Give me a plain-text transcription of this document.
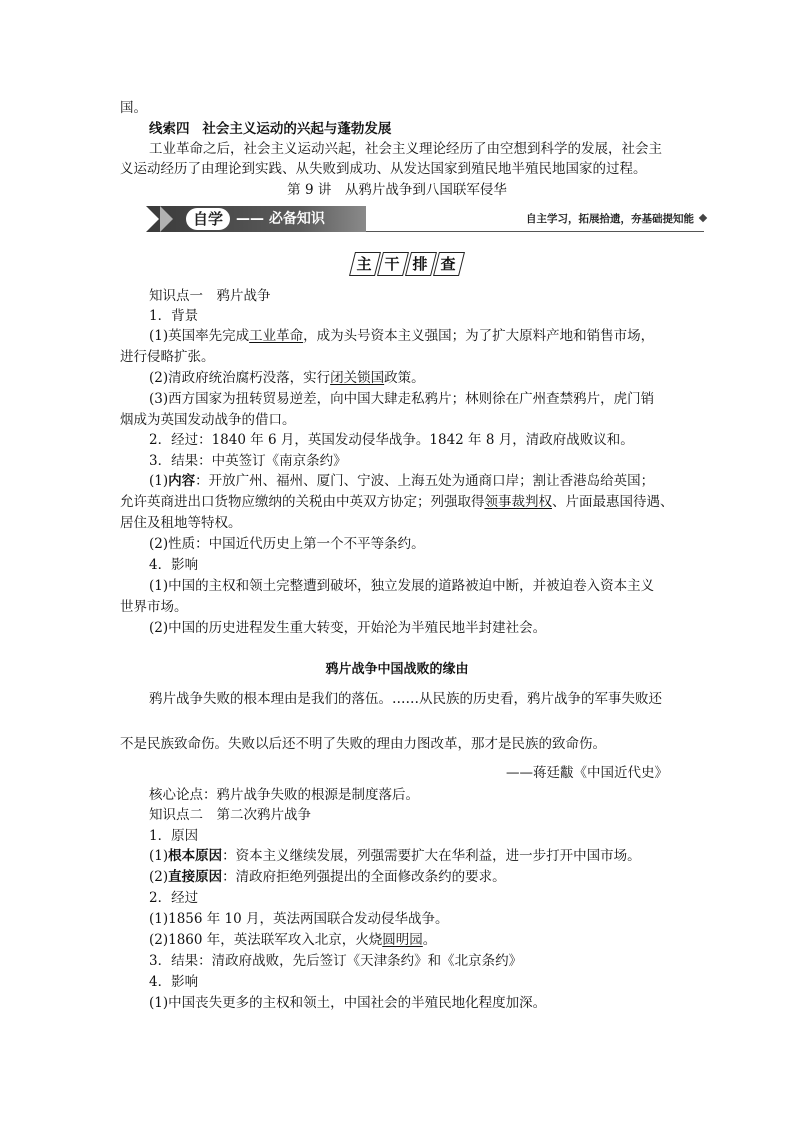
国。
线索四 社会主义运动的兴起与蓬勃发展
工业革命之后，社会主义运动兴起，社会主义理论经历了由空想到科学的发展，社会主
义运动经历了由理论到实践、从失败到成功、从发达国家到殖民地半殖民地国家的过程。
第 9 讲　从鸦片战争到八国联军侵华
自学 —— 必备知识	自主学习，拓展拾遗，夯基础提知能
主 干 排 查
知识点一　鸦片战争
1．背景
(1)英国率先完成工业革命，成为头号资本主义强国；为了扩大原料产地和销售市场，
进行侵略扩张。
(2)清政府统治腐朽没落，实行闭关锁国政策。
(3)西方国家为扭转贸易逆差，向中国大肆走私鸦片；林则徐在广州查禁鸦片，虎门销
烟成为英国发动战争的借口。
2．经过：1840 年 6 月，英国发动侵华战争。1842 年 8 月，清政府战败议和。
3．结果：中英签订《南京条约》
(1)内容：开放广州、福州、厦门、宁波、上海五处为通商口岸；割让香港岛给英国；
允许英商进出口货物应缴纳的关税由中英双方协定；列强取得领事裁判权、片面最惠国待遇、
居住及租地等特权。
(2)性质：中国近代历史上第一个不平等条约。
4．影响
(1)中国的主权和领土完整遭到破坏，独立发展的道路被迫中断，并被迫卷入资本主义
世界市场。
(2)中国的历史进程发生重大转变，开始沦为半殖民地半封建社会。
鸦片战争中国战败的缘由
鸦片战争失败的根本理由是我们的落伍。……从民族的历史看，鸦片战争的军事失败还
不是民族致命伤。失败以后还不明了失败的理由力图改革，那才是民族的致命伤。
——蒋廷黻《中国近代史》
核心论点：鸦片战争失败的根源是制度落后。
知识点二　第二次鸦片战争
1．原因
(1)根本原因：资本主义继续发展，列强需要扩大在华利益，进一步打开中国市场。
(2)直接原因：清政府拒绝列强提出的全面修改条约的要求。
2．经过
(1)1856 年 10 月，英法两国联合发动侵华战争。
(2)1860 年，英法联军攻入北京，火烧圆明园。
3．结果：清政府战败，先后签订《天津条约》和《北京条约》
4．影响
(1)中国丧失更多的主权和领土，中国社会的半殖民地化程度加深。
